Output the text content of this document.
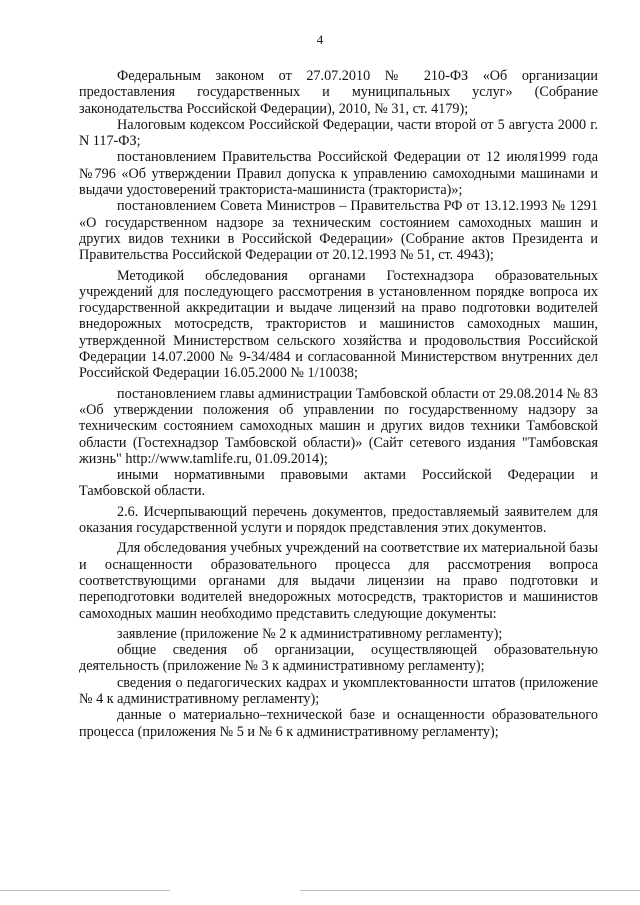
4

Федеральным законом от 27.07.2010 № 210-ФЗ «Об организации предоставления государственных и муниципальных услуг» (Собрание законодательства Российской Федерации), 2010, № 31, ст. 4179);

Налоговым кодексом Российской Федерации, части второй от 5 августа 2000 г. N 117-ФЗ;

постановлением Правительства Российской Федерации от 12 июля1999 года №796 «Об утверждении Правил допуска к управлению самоходными машинами и выдачи удостоверений тракториста-машиниста (тракториста)»;

постановлением Совета Министров – Правительства РФ от 13.12.1993 № 1291 «О государственном надзоре за техническим состоянием самоходных машин и других видов техники в Российской Федерации» (Собрание актов Президента и Правительства Российской Федерации от 20.12.1993 № 51, ст. 4943);

Методикой обследования органами Гостехнадзора образовательных учреждений для последующего рассмотрения в установленном порядке вопроса их государственной аккредитации и выдаче лицензий на право подготовки водителей внедорожных мотосредств, трактористов и машинистов самоходных машин, утвержденной Министерством сельского хозяйства и продовольствия Российской Федерации 14.07.2000 № 9-34/484 и согласованной Министерством внутренних дел Российской Федерации 16.05.2000 № 1/10038;

постановлением главы администрации Тамбовской области от 29.08.2014 № 83 «Об утверждении положения об управлении по государственному надзору за техническим состоянием самоходных машин и других видов техники Тамбовской области (Гостехнадзор Тамбовской области)» (Сайт сетевого издания "Тамбовская жизнь" http://www.tamlife.ru, 01.09.2014);

иными нормативными правовыми актами Российской Федерации и Тамбовской области.

2.6. Исчерпывающий перечень документов, предоставляемый заявителем для оказания государственной услуги и порядок представления этих документов.

Для обследования учебных учреждений на соответствие их материальной базы и оснащенности образовательного процесса для рассмотрения вопроса соответствующими органами для выдачи лицензии на право подготовки и переподготовки водителей внедорожных мотосредств, трактористов и машинистов самоходных машин необходимо представить следующие документы:

заявление (приложение № 2 к административному регламенту);

общие сведения об организации, осуществляющей образовательную деятельность (приложение № 3 к административному регламенту);

сведения о педагогических кадрах и укомплектованности штатов (приложение № 4 к административному регламенту);

данные о материально–технической базе и оснащенности образовательного процесса (приложения № 5 и № 6 к административному регламенту);
